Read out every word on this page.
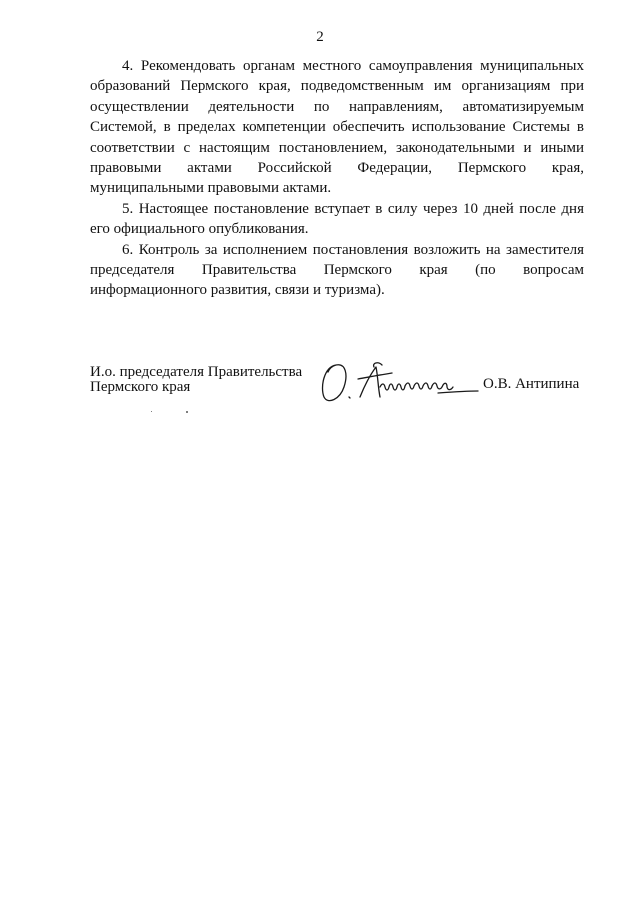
2

4. Рекомендовать органам местного самоуправления муниципальных образований Пермского края, подведомственным им организациям при осуществлении деятельности по направлениям, автоматизируемым Системой, в пределах компетенции обеспечить использование Системы в соответствии с настоящим постановлением, законодательными и иными правовыми актами Российской Федерации, Пермского края, муниципальными правовыми актами.

5. Настоящее постановление вступает в силу через 10 дней после дня его официального опубликования.

6. Контроль за исполнением постановления возложить на заместителя председателя Правительства Пермского края (по вопросам информационного развития, связи и туризма).

И.о. председателя Правительства
Пермского края	О.В. Антипина
